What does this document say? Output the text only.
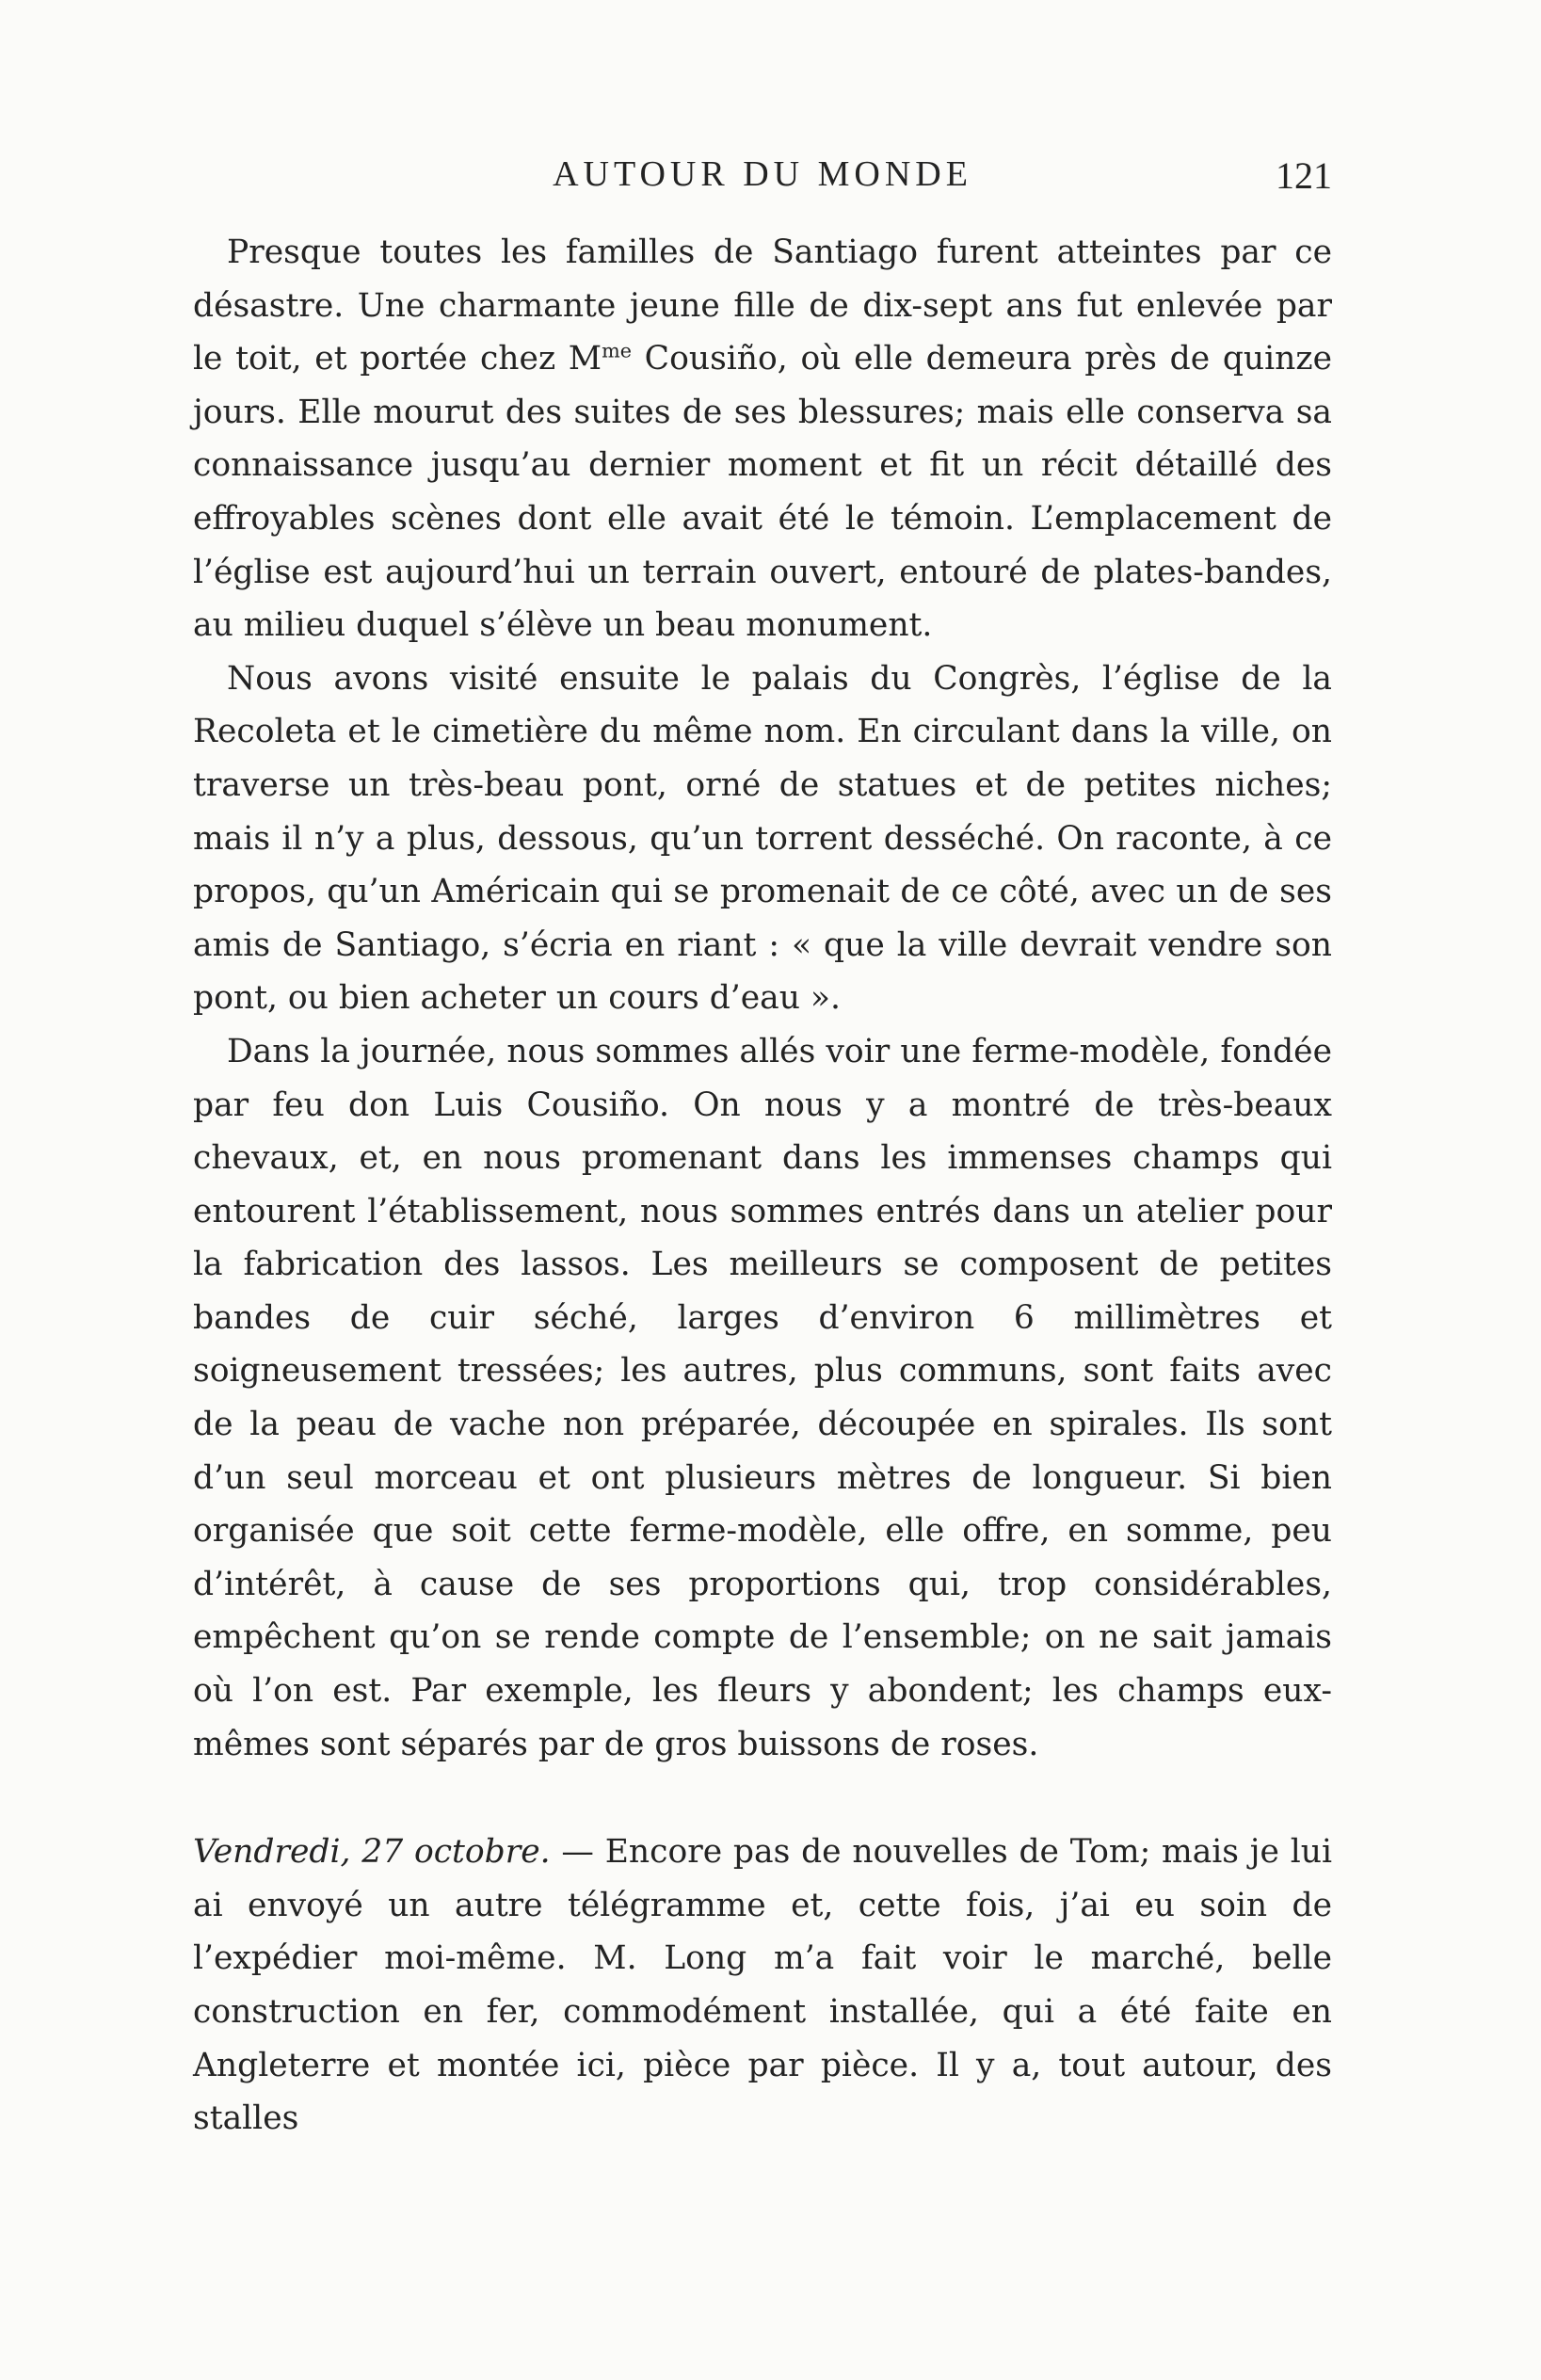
AUTOUR DU MONDE	121

Presque toutes les familles de Santiago furent atteintes par ce désastre. Une charmante jeune fille de dix-sept ans fut enlevée par le toit, et portée chez $M^{me}$ Cousiño, où elle demeura près de quinze jours. Elle mourut des suites de ses blessures; mais elle conserva sa connaissance jusqu’au dernier moment et fit un récit détaillé des effroyables scènes dont elle avait été le témoin. L’emplacement de l’église est aujourd’hui un terrain ouvert, entouré de plates-bandes, au milieu duquel s’élève un beau monument.

Nous avons visité ensuite le palais du Congrès, l’église de la Recoleta et le cimetière du même nom. En circulant dans la ville, on traverse un très-beau pont, orné de statues et de petites niches; mais il n’y a plus, dessous, qu’un torrent desséché. On raconte, à ce propos, qu’un Américain qui se promenait de ce côté, avec un de ses amis de Santiago, s’écria en riant : « que la ville devrait vendre son pont, ou bien acheter un cours d’eau ».

Dans la journée, nous sommes allés voir une ferme-modèle, fondée par feu don Luis Cousiño. On nous y a montré de très-beaux chevaux, et, en nous promenant dans les immenses champs qui entourent l’établissement, nous sommes entrés dans un atelier pour la fabrication des lassos. Les meilleurs se composent de petites bandes de cuir séché, larges d’environ 6 millimètres et soigneusement tressées; les autres, plus communs, sont faits avec de la peau de vache non préparée, découpée en spirales. Ils sont d’un seul morceau et ont plusieurs mètres de longueur. Si bien organisée que soit cette ferme-modèle, elle offre, en somme, peu d’intérêt, à cause de ses proportions qui, trop considérables, empêchent qu’on se rende compte de l’ensemble; on ne sait jamais où l’on est. Par exemple, les fleurs y abondent; les champs eux-mêmes sont séparés par de gros buissons de roses.

Vendredi, 27 octobre. — Encore pas de nouvelles de Tom; mais je lui ai envoyé un autre télégramme et, cette fois, j’ai eu soin de l’expédier moi-même. M. Long m’a fait voir le marché, belle construction en fer, commodément installée, qui a été faite en Angleterre et montée ici, pièce par pièce. Il y a, tout autour, des stalles
